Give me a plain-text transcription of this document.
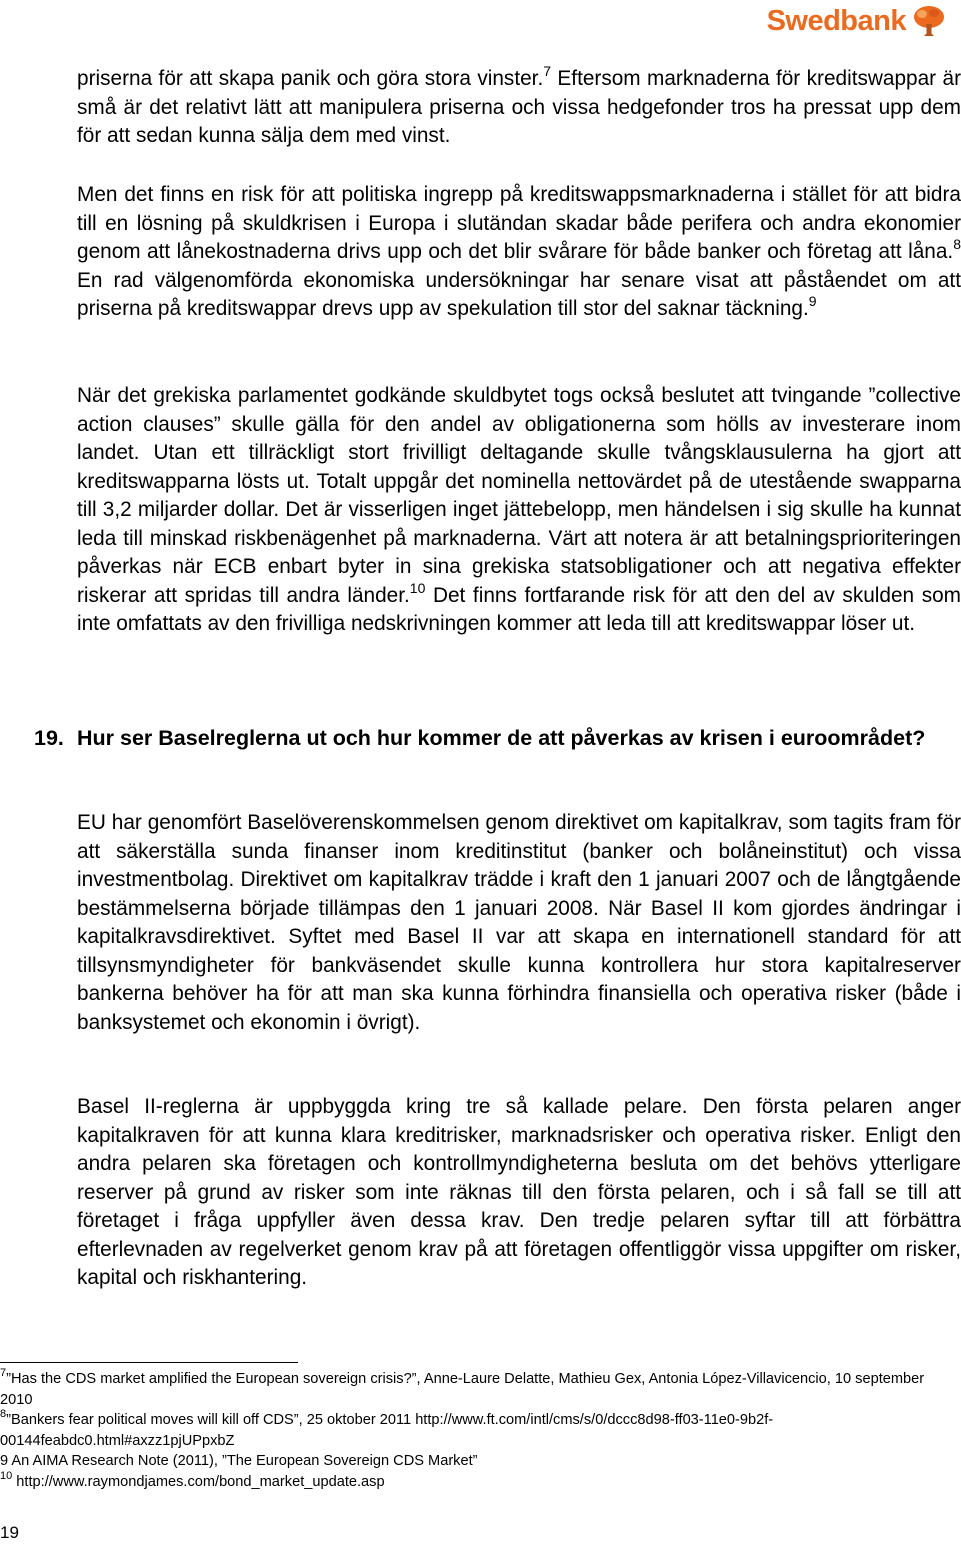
Swedbank

priserna för att skapa panik och göra stora vinster.$^7$ Eftersom marknaderna för kreditswappar är små är det relativt lätt att manipulera priserna och vissa hedgefonder tros ha pressat upp dem för att sedan kunna sälja dem med vinst.

Men det finns en risk för att politiska ingrepp på kreditswappsmarknaderna i stället för att bidra till en lösning på skuldkrisen i Europa i slutändan skadar både perifera och andra ekonomier genom att lånekostnaderna drivs upp och det blir svårare för både banker och företag att låna.$^8$ En rad välgenomförda ekonomiska undersökningar har senare visat att påståendet om att priserna på kreditswappar drevs upp av spekulation till stor del saknar täckning.$^9$

När det grekiska parlamentet godkände skuldbytet togs också beslutet att tvingande ”collective action clauses” skulle gälla för den andel av obligationerna som hölls av investerare inom landet. Utan ett tillräckligt stort frivilligt deltagande skulle tvångsklausulerna ha gjort att kreditswapparna lösts ut. Totalt uppgår det nominella nettovärdet på de utestående swapparna till 3,2 miljarder dollar. Det är visserligen inget jättebelopp, men händelsen i sig skulle ha kunnat leda till minskad riskbenägenhet på marknaderna. Värt att notera är att betalningsprioriteringen påverkas när ECB enbart byter in sina grekiska statsobligationer och att negativa effekter riskerar att spridas till andra länder.$^{10}$ Det finns fortfarande risk för att den del av skulden som inte omfattats av den frivilliga nedskrivningen kommer att leda till att kreditswappar löser ut.

19. Hur ser Baselreglerna ut och hur kommer de att påverkas av krisen i euroområdet?

EU har genomfört Baselöverenskommelsen genom direktivet om kapitalkrav, som tagits fram för att säkerställa sunda finanser inom kreditinstitut (banker och bolåneinstitut) och vissa investmentbolag. Direktivet om kapitalkrav trädde i kraft den 1 januari 2007 och de långtgående bestämmelserna började tillämpas den 1 januari 2008. När Basel II kom gjordes ändringar i kapitalkravsdirektivet. Syftet med Basel II var att skapa en internationell standard för att tillsynsmyndigheter för bankväsendet skulle kunna kontrollera hur stora kapitalreserver bankerna behöver ha för att man ska kunna förhindra finansiella och operativa risker (både i banksystemet och ekonomin i övrigt).

Basel II-reglerna är uppbyggda kring tre så kallade pelare. Den första pelaren anger kapitalkraven för att kunna klara kreditrisker, marknadsrisker och operativa risker. Enligt den andra pelaren ska företagen och kontrollmyndigheterna besluta om det behövs ytterligare reserver på grund av risker som inte räknas till den första pelaren, och i så fall se till att företaget i fråga uppfyller även dessa krav. Den tredje pelaren syftar till att förbättra efterlevnaden av regelverket genom krav på att företagen offentliggör vissa uppgifter om risker, kapital och riskhantering.

$^7$”Has the CDS market amplified the European sovereign crisis?”, Anne-Laure Delatte, Mathieu Gex, Antonia López-Villavicencio, 10 september 2010

$^8$”Bankers fear political moves will kill off CDS”, 25 oktober 2011 http://www.ft.com/intl/cms/s/0/dccc8d98-ff03-11e0-9b2f-00144feabdc0.html#axzz1pjUPpxbZ

9 An AIMA Research Note (2011), ”The European Sovereign CDS Market”

$^{10}$ http://www.raymondjames.com/bond_market_update.asp

19
